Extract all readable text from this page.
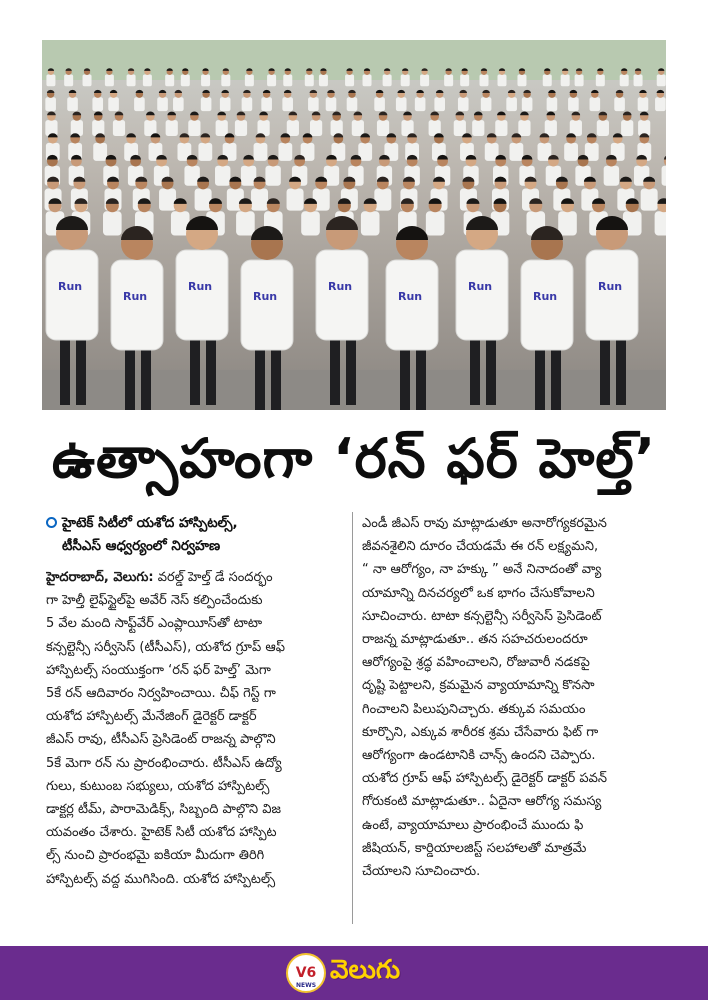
Run
Run
Run
Run
Run
Run
Run
Run
Run
ఉత్సాహంగా ‘రన్ ఫర్ హెల్త్’
హైటెక్ సిటీలో యశోద హాస్పిటల్స్,
టీసీఎస్ ఆధ్వర్యంలో నిర్వహణ
హైదరాబాద్, వెలుగు: వరల్డ్ హెల్త్ డే సందర్భం
గా హెల్తీ లైఫ్‌స్టైల్‌పై అవేర్ నెస్ కల్పించేందుకు
5 వేల మంది సాఫ్ట్‌వేర్ ఎంప్లాయీస్‌తో టాటా
కన్సల్టెన్సీ సర్వీసెస్ (టీసీఎస్), యశోద గ్రూప్ ఆఫ్
హాస్పిటల్స్ సంయుక్తంగా ‘రన్ ఫర్ హెల్త్’ మెగా
5కే రన్ ఆదివారం నిర్వహించాయి. చీఫ్ గెస్ట్ గా
యశోద హాస్పిటల్స్ మేనేజింగ్ డైరెక్టర్ డాక్టర్
జీఎస్ రావు, టీసీఎస్ ప్రెసిడెంట్ రాజన్న పాల్గొని
5కే మెగా రన్ ను ప్రారంభించారు. టీసీఎస్ ఉద్యో
గులు, కుటుంబ సభ్యులు, యశోద హాస్పిటల్స్
డాక్టర్ల టీమ్, పారామెడిక్స్, సిబ్బంది పాల్గొని విజ
యవంతం చేశారు. హైటెక్ సిటీ యశోద హాస్పిట
ల్స్ నుంచి ప్రారంభమై ఐకియా మీదుగా తిరిగి
హాస్పిటల్స్ వద్ద ముగిసింది. యశోద హాస్పిటల్స్
ఎండీ జీఎస్ రావు మాట్లాడుతూ అనారోగ్యకరమైన
జీవనశైలిని దూరం చేయడమే ఈ రన్ లక్ష్యమని,
“ నా ఆరోగ్యం, నా హక్కు ” అనే నినాదంతో వ్యా
యామాన్ని దినచర్యలో ఒక భాగం చేసుకోవాలని
సూచించారు. టాటా కన్సల్టెన్సీ సర్వీసెస్ ప్రెసిడెంట్
రాజన్న మాట్లాడుతూ.. తన సహచరులందరూ
ఆరోగ్యంపై శ్రద్ధ వహించాలని, రోజువారీ నడకపై
దృష్టి పెట్టాలని, క్రమమైన వ్యాయామాన్ని కొనసా
గించాలని పిలుపునిచ్చారు. తక్కువ సమయం
కూర్చొని, ఎక్కువ శారీరక శ్రమ చేసేవారు ఫిట్ గా
ఆరోగ్యంగా ఉండటానికి చాన్స్ ఉందని చెప్పారు.
యశోద గ్రూప్ ఆఫ్ హాస్పిటల్స్ డైరెక్టర్ డాక్టర్ పవన్
గోరుకంటి మాట్లాడుతూ.. ఏదైనా ఆరోగ్య సమస్య
ఉంటే, వ్యాయామాలు ప్రారంభించే ముందు ఫి
జీషియన్, కార్డియాలజిస్ట్ సలహాలతో మాత్రమే
చేయాలని సూచించారు.
V6
NEWS
వెలుగు
